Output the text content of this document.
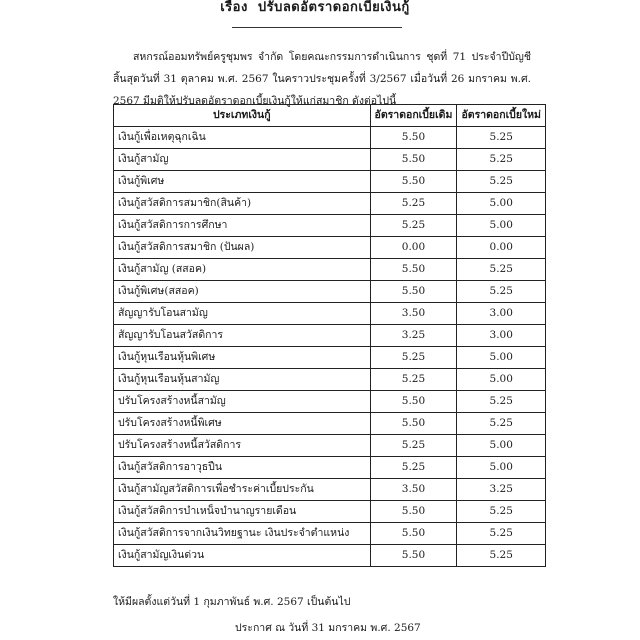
เรื่อง ปรับลดอัตราดอกเบี้ยเงินกู้
สหกรณ์ออมทรัพย์ครูชุมพร จำกัด โดยคณะกรรมการดำเนินการ ชุดที่ 71 ประจำปีบัญชีสิ้นสุดวันที่ 31 ตุลาคม พ.ศ. 2567 ในคราวประชุมครั้งที่ 3/2567 เมื่อวันที่ 26 มกราคม พ.ศ. 2567 มีมติให้ปรับลดอัตราดอกเบี้ยเงินกู้ให้แก่สมาชิก ดังต่อไปนี้
ประเภทเงินกู้	อัตราดอกเบี้ยเดิม	อัตราดอกเบี้ยใหม่
เงินกู้เพื่อเหตุฉุกเฉิน	5.50	5.25
เงินกู้สามัญ	5.50	5.25
เงินกู้พิเศษ	5.50	5.25
เงินกู้สวัสดิการสมาชิก(สินค้า)	5.25	5.00
เงินกู้สวัสดิการการศึกษา	5.25	5.00
เงินกู้สวัสดิการสมาชิก (ปันผล)	0.00	0.00
เงินกู้สามัญ (สสอค)	5.50	5.25
เงินกู้พิเศษ(สสอค)	5.50	5.25
สัญญารับโอนสามัญ	3.50	3.00
สัญญารับโอนสวัสดิการ	3.25	3.00
เงินกู้หุนเรือนหุ้นพิเศษ	5.25	5.00
เงินกู้หุนเรือนหุ้นสามัญ	5.25	5.00
ปรับโครงสร้างหนี้สามัญ	5.50	5.25
ปรับโครงสร้างหนี้พิเศษ	5.50	5.25
ปรับโครงสร้างหนี้สวัสดิการ	5.25	5.00
เงินกู้สวัสดิการอาวุธปืน	5.25	5.00
เงินกู้สามัญสวัสดิการเพื่อชำระค่าเบี้ยประกัน	3.50	3.25
เงินกู้สวัสดิการบำเหน็จบำนาญรายเดือน	5.50	5.25
เงินกู้สวัสดิการจากเงินวิทยฐานะ เงินประจำตำแหน่ง	5.50	5.25
เงินกู้สามัญเงินด่วน	5.50	5.25
ให้มีผลตั้งแต่วันที่ 1 กุมภาพันธ์ พ.ศ. 2567 เป็นต้นไป
ประกาศ ณ วันที่ 31 มกราคม พ.ศ. 2567
